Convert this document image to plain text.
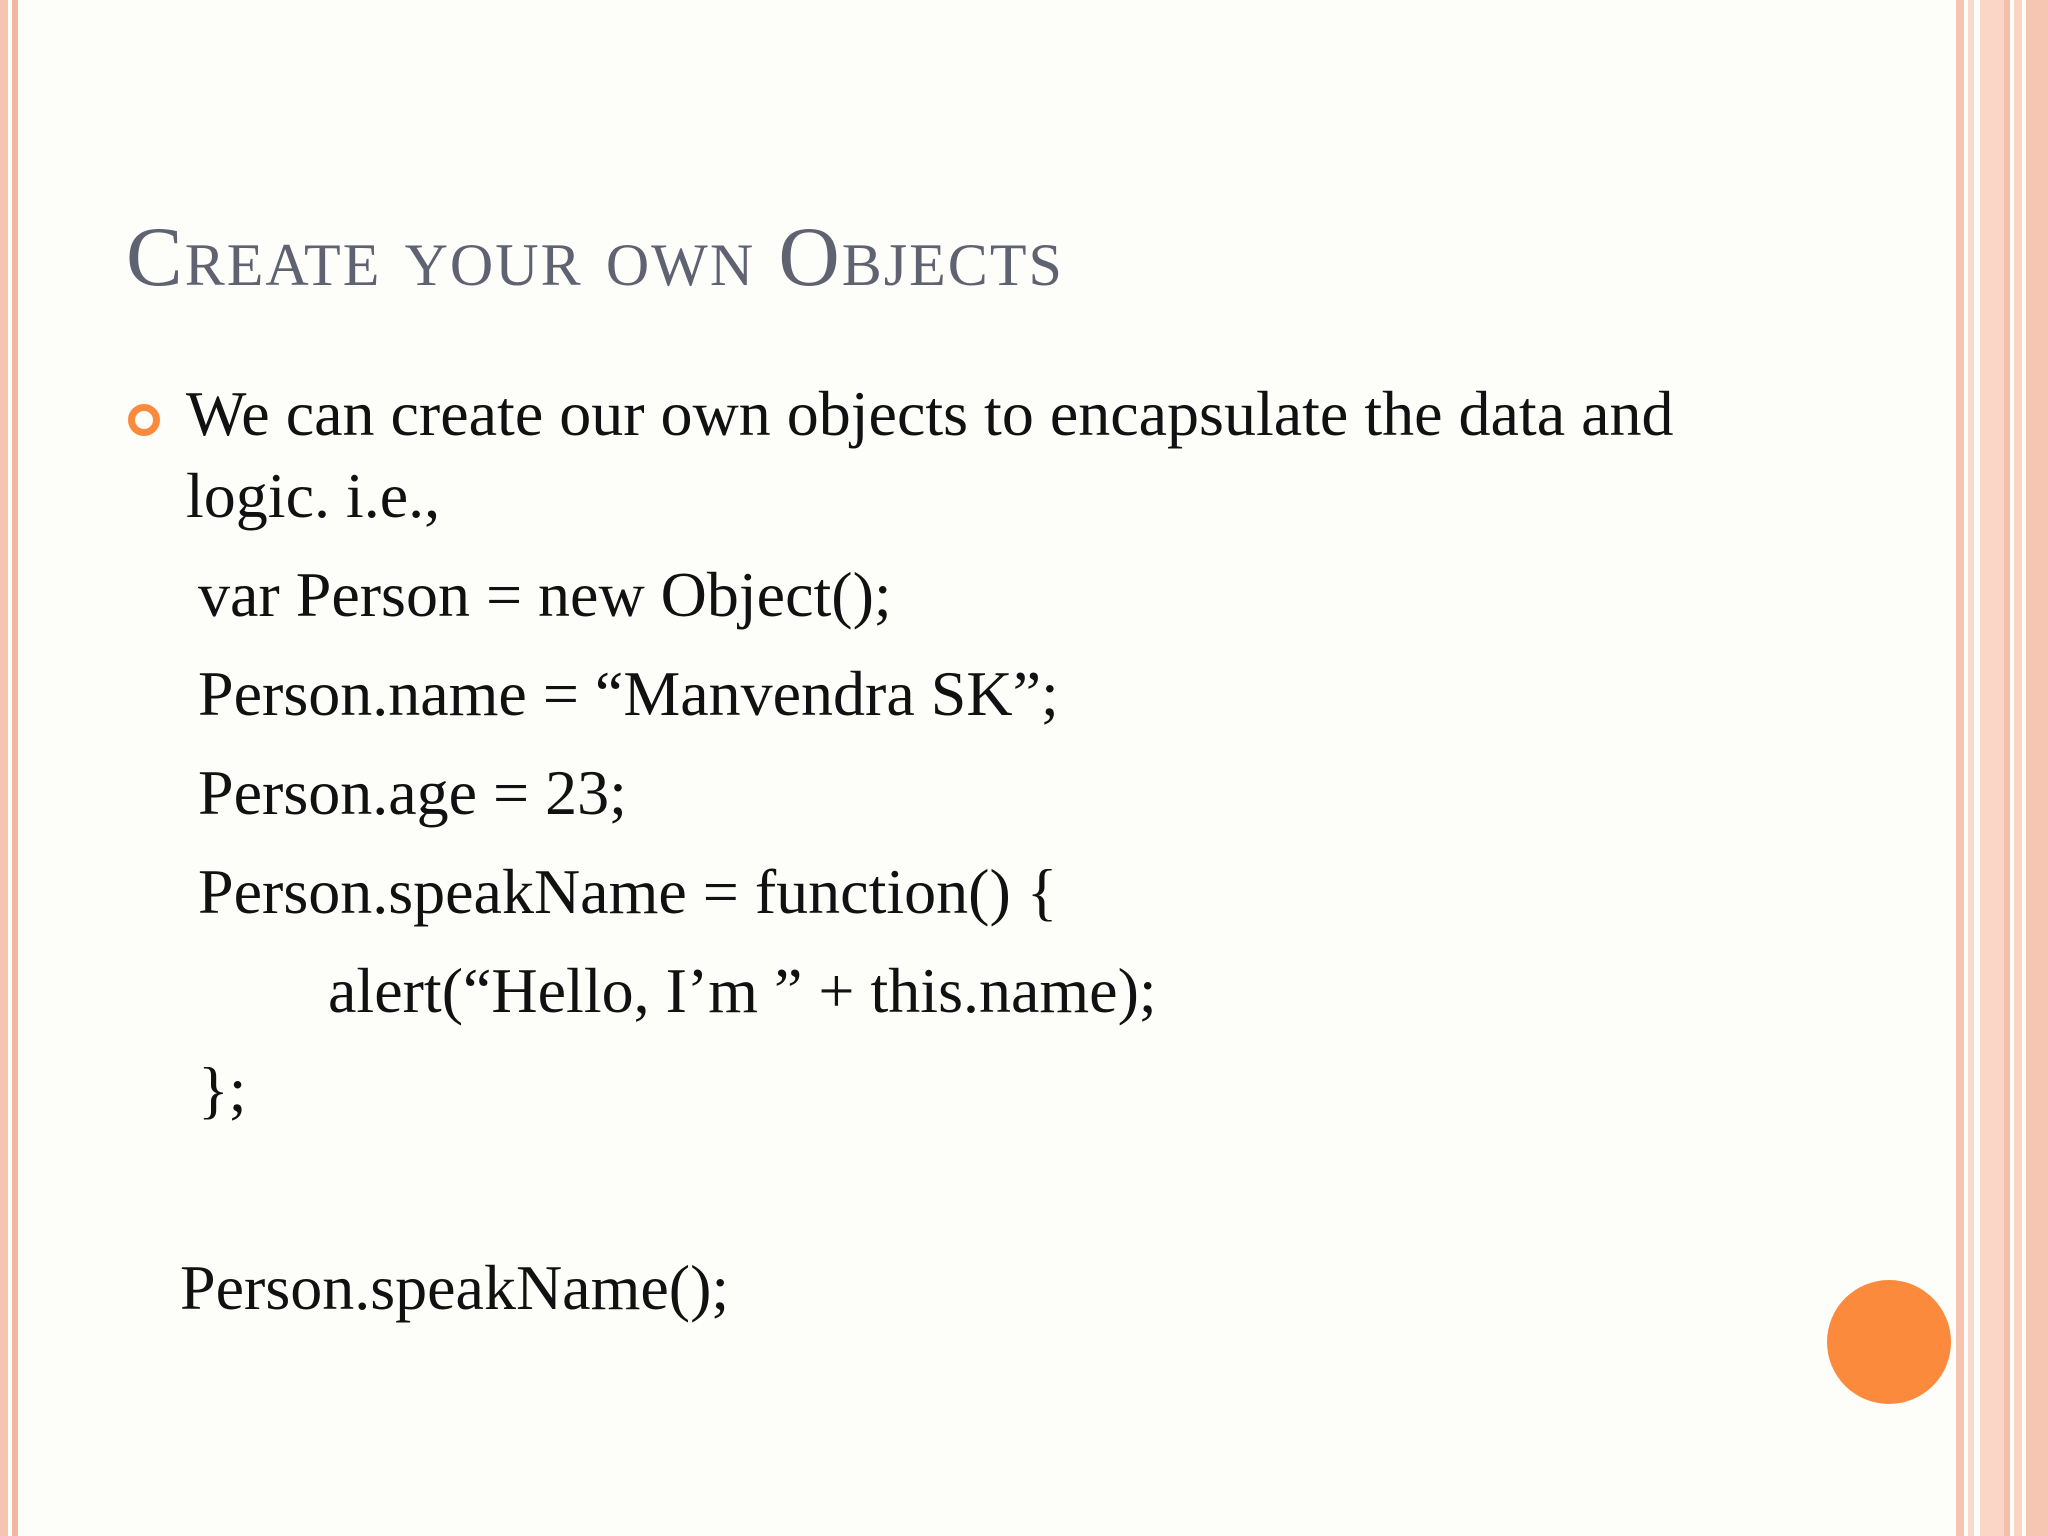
Create your own Objects

We can create our own objects to encapsulate the data and logic. i.e.,

var Person = new Object();
Person.name = “Manvendra SK”;
Person.age = 23;
Person.speakName = function() {
alert(“Hello, I’m ” + this.name);
};
Person.speakName();
